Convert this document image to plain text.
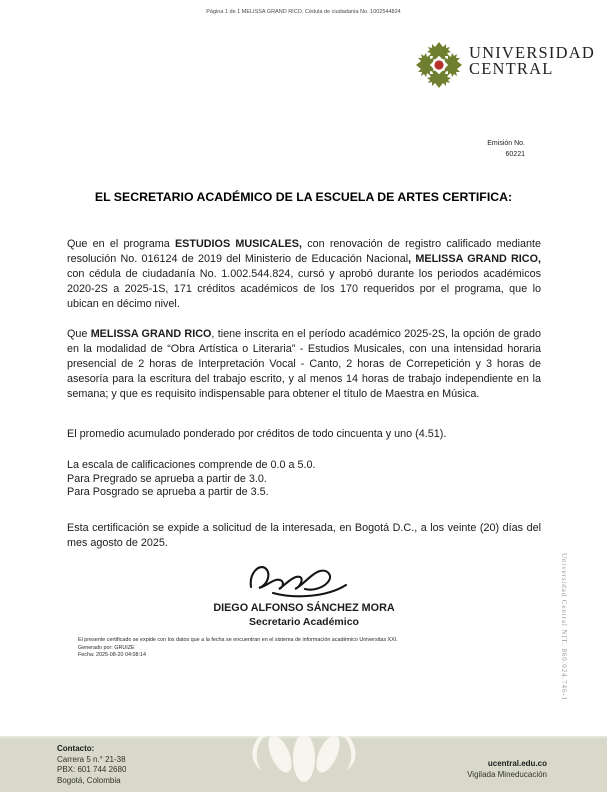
Página 1 de 1 MELISSA GRAND RICO, Cédula de ciudadanía No. 1002544824
UNIVERSIDAD
CENTRAL
Emisión No.
60221
EL SECRETARIO ACADÉMICO DE LA ESCUELA DE ARTES CERTIFICA:

Que en el programa ESTUDIOS MUSICALES, con renovación de registro calificado mediante resolución No. 016124 de 2019 del Ministerio de Educación Nacional, MELISSA GRAND RICO, con cédula de ciudadanía No. 1.002.544.824, cursó y aprobó durante los periodos académicos 2020-2S a 2025-1S, 171 créditos académicos de los 170 requeridos por el programa, que lo ubican en décimo nivel.

Que MELISSA GRAND RICO, tiene inscrita en el período académico 2025-2S, la opción de grado en la modalidad de “Obra Artística o Literaria” - Estudios Musicales, con una intensidad horaria presencial de 2 horas de Interpretación Vocal - Canto, 2 horas de Correpetición y 3 horas de asesoría para la escritura del trabajo escrito, y al menos 14 horas de trabajo independiente en la semana; y que es requisito indispensable para obtener el título de Maestra en Música.

El promedio acumulado ponderado por créditos de todo cincuenta y uno (4.51).
La escala de calificaciones comprende de 0.0 a 5.0.
Para Pregrado se aprueba a partir de 3.0.
Para Posgrado se aprueba a partir de 3.5.

Esta certificación se expide a solicitud de la interesada, en Bogotá D.C., a los veinte (20) días del mes agosto de 2025.

DIEGO ALFONSO SÁNCHEZ MORA
Secretario Académico
El presente certificado se expide con los datos que a la fecha se encuentran en el sistema de información académico Universitas XXI.
Generado por: GRUIZE
Fecha: 2025-08-20 04:08:14	Universidad Central NIT. 860.024.746-1
Contacto:
Carrera 5 n.° 21-38
PBX: 601 744 2680
Bogotá, Colombia
ucentral.edu.co
Vigilada Mineducación
